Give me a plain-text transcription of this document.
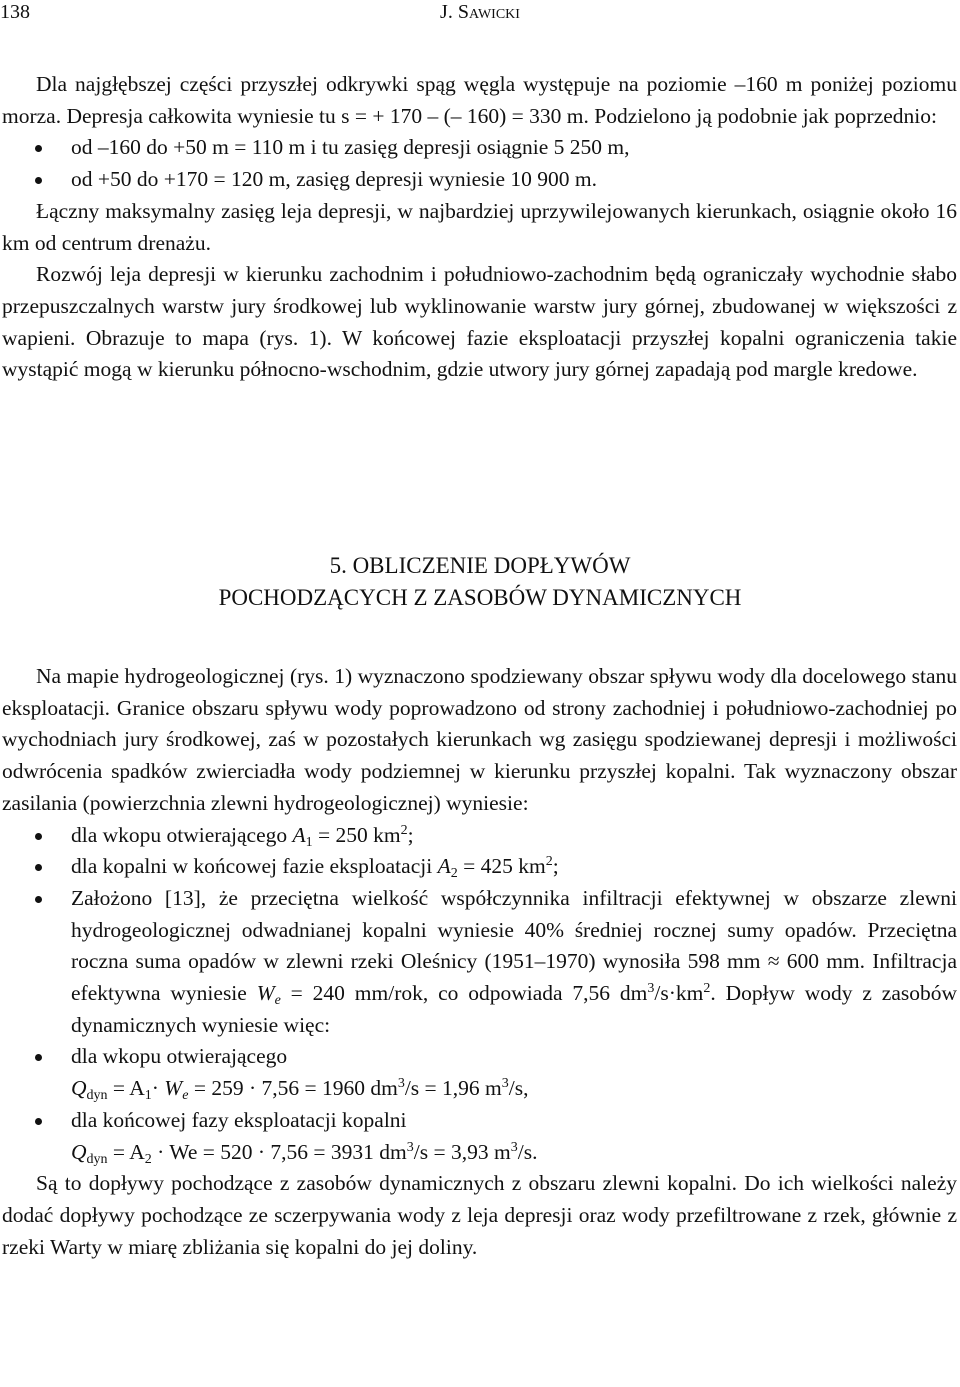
138	J. Sawicki

Dla najgłębszej części przyszłej odkrywki spąg węgla występuje na poziomie –160 m poniżej poziomu morza. Depresja całkowita wyniesie tu s = + 170 – (– 160) = 330 m. Podzielono ją podobnie jak poprzednio:

od –160 do +50 m = 110 m i tu zasięg depresji osiągnie 5 250 m,
od +50 do +170 = 120 m, zasięg depresji wyniesie 10 900 m.

Łączny maksymalny zasięg leja depresji, w najbardziej uprzywilejowanych kierunkach, osiągnie około 16 km od centrum drenażu.

Rozwój leja depresji w kierunku zachodnim i południowo-zachodnim będą ograniczały wychodnie słabo przepuszczalnych warstw jury środkowej lub wyklinowanie warstw jury górnej, zbudowanej w większości z wapieni. Obrazuje to mapa (rys. 1). W końcowej fazie eksploatacji przyszłej kopalni ograniczenia takie wystąpić mogą w kierunku północno-wschodnim, gdzie utwory jury górnej zapadają pod margle kredowe.

5. OBLICZENIE DOPŁYWÓW
POCHODZĄCYCH Z ZASOBÓW DYNAMICZNYCH

Na mapie hydrogeologicznej (rys. 1) wyznaczono spodziewany obszar spływu wody dla docelowego stanu eksploatacji. Granice obszaru spływu wody poprowadzono od strony zachodniej i południowo-zachodniej po wychodniach jury środkowej, zaś w pozostałych kierunkach wg zasięgu spodziewanej depresji i możliwości odwrócenia spadków zwierciadła wody podziemnej w kierunku przyszłej kopalni. Tak wyznaczony obszar zasilania (powierzchnia zlewni hydrogeologicznej) wyniesie:

dla wkopu otwierającego $A_1 = 250$ $km^2$;
dla kopalni w końcowej fazie eksploatacji $A_2 = 425$ $km^2$;
Założono [13], że przeciętna wielkość współczynnika infiltracji efektywnej w obszarze zlewni hydrogeologicznej odwadnianej kopalni wyniesie 40% średniej rocznej sumy opadów. Przeciętna roczna suma opadów w zlewni rzeki Oleśnicy (1951–1970) wynosiła 598 mm ≈ 600 mm. Infiltracja efektywna wyniesie $W_e = 240$ mm/rok, co odpowiada 7,56 $dm^3/s\cdot km^2$. Dopływ wody z zasobów dynamicznych wyniesie więc:
dla wkopu otwierającego
$Q_{dyn} = A_1\cdot W_e = 259 \cdot 7,56 = 1960$ $dm^3/s = 1,96$ $m^3/s$,
dla końcowej fazy eksploatacji kopalni
$Q_{dyn} = A_2 \cdot We = 520 \cdot 7,56 = 3931$ $dm^3/s = 3,93$ $m^3/s$.

Są to dopływy pochodzące z zasobów dynamicznych z obszaru zlewni kopalni. Do ich wielkości należy dodać dopływy pochodzące ze sczerpywania wody z leja depresji oraz wody przefiltrowane z rzek, głównie z rzeki Warty w miarę zbliżania się kopalni do jej doliny.
